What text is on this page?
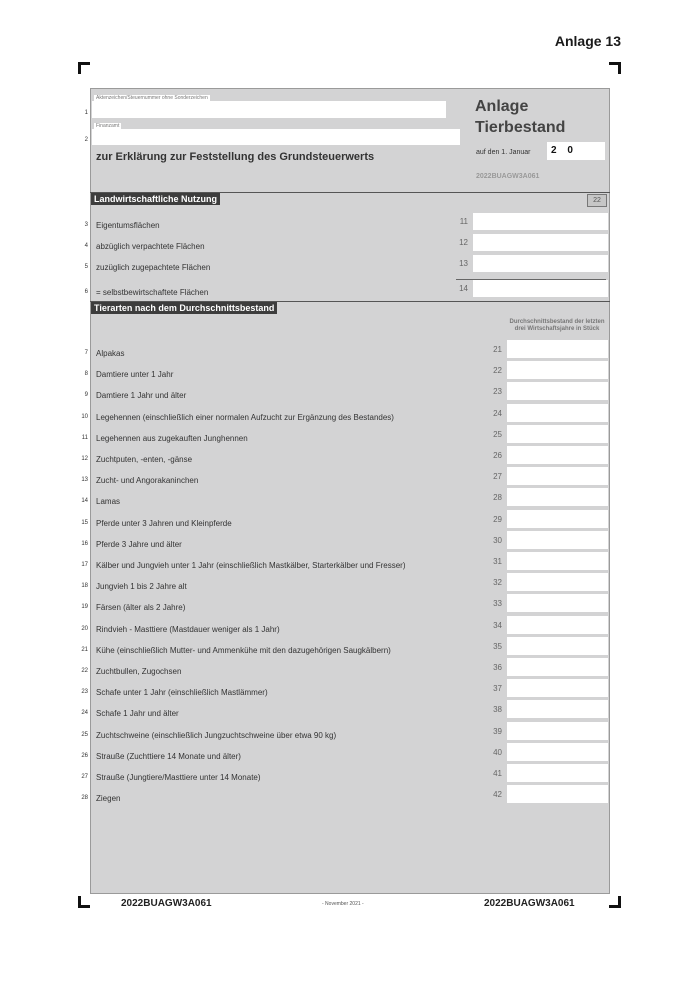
Anlage 13
1
Aktenzeichen/Steuernummer ohne Sonderzeichen
2
Finanzamt
Anlage
Tierbestand
zur Erklärung zur Feststellung des Grundsteuerwerts	auf den 1. Januar	2 0
2022BUAGW3A061
Landwirtschaftliche Nutzung	22
3 Eigentumsflächen	11
4 abzüglich verpachtete Flächen	12
5 zuzüglich zugepachtete Flächen	13
6 = selbstbewirtschaftete Flächen	14
Tierarten nach dem Durchschnittsbestand
Durchschnittsbestand der letzten drei Wirtschaftsjahre in Stück
7 Alpakas	21
8 Damtiere unter 1 Jahr	22
9 Damtiere 1 Jahr und älter	23
10 Legehennen (einschließlich einer normalen Aufzucht zur Ergänzung des Bestandes)	24
11 Legehennen aus zugekauften Junghennen	25
12 Zuchtputen, -enten, -gänse	26
13 Zucht- und Angorakaninchen	27
14 Lamas	28
15 Pferde unter 3 Jahren und Kleinpferde	29
16 Pferde 3 Jahre und älter	30
17 Kälber und Jungvieh unter 1 Jahr (einschließlich Mastkälber, Starterkälber und Fresser)	31
18 Jungvieh 1 bis 2 Jahre alt	32
19 Färsen (älter als 2 Jahre)	33
20 Rindvieh - Masttiere (Mastdauer weniger als 1 Jahr)	34
21 Kühe (einschließlich Mutter- und Ammenkühe mit den dazugehörigen Saugkälbern)	35
22 Zuchtbullen, Zugochsen	36
23 Schafe unter 1 Jahr (einschließlich Mastlämmer)	37
24 Schafe 1 Jahr und älter	38
25 Zuchtschweine (einschließlich Jungzuchtschweine über etwa 90 kg)	39
26 Strauße (Zuchttiere 14 Monate und älter)	40
27 Strauße (Jungtiere/Masttiere unter 14 Monate)	41
28 Ziegen	42
2022BUAGW3A061	- November 2021 -	2022BUAGW3A061
